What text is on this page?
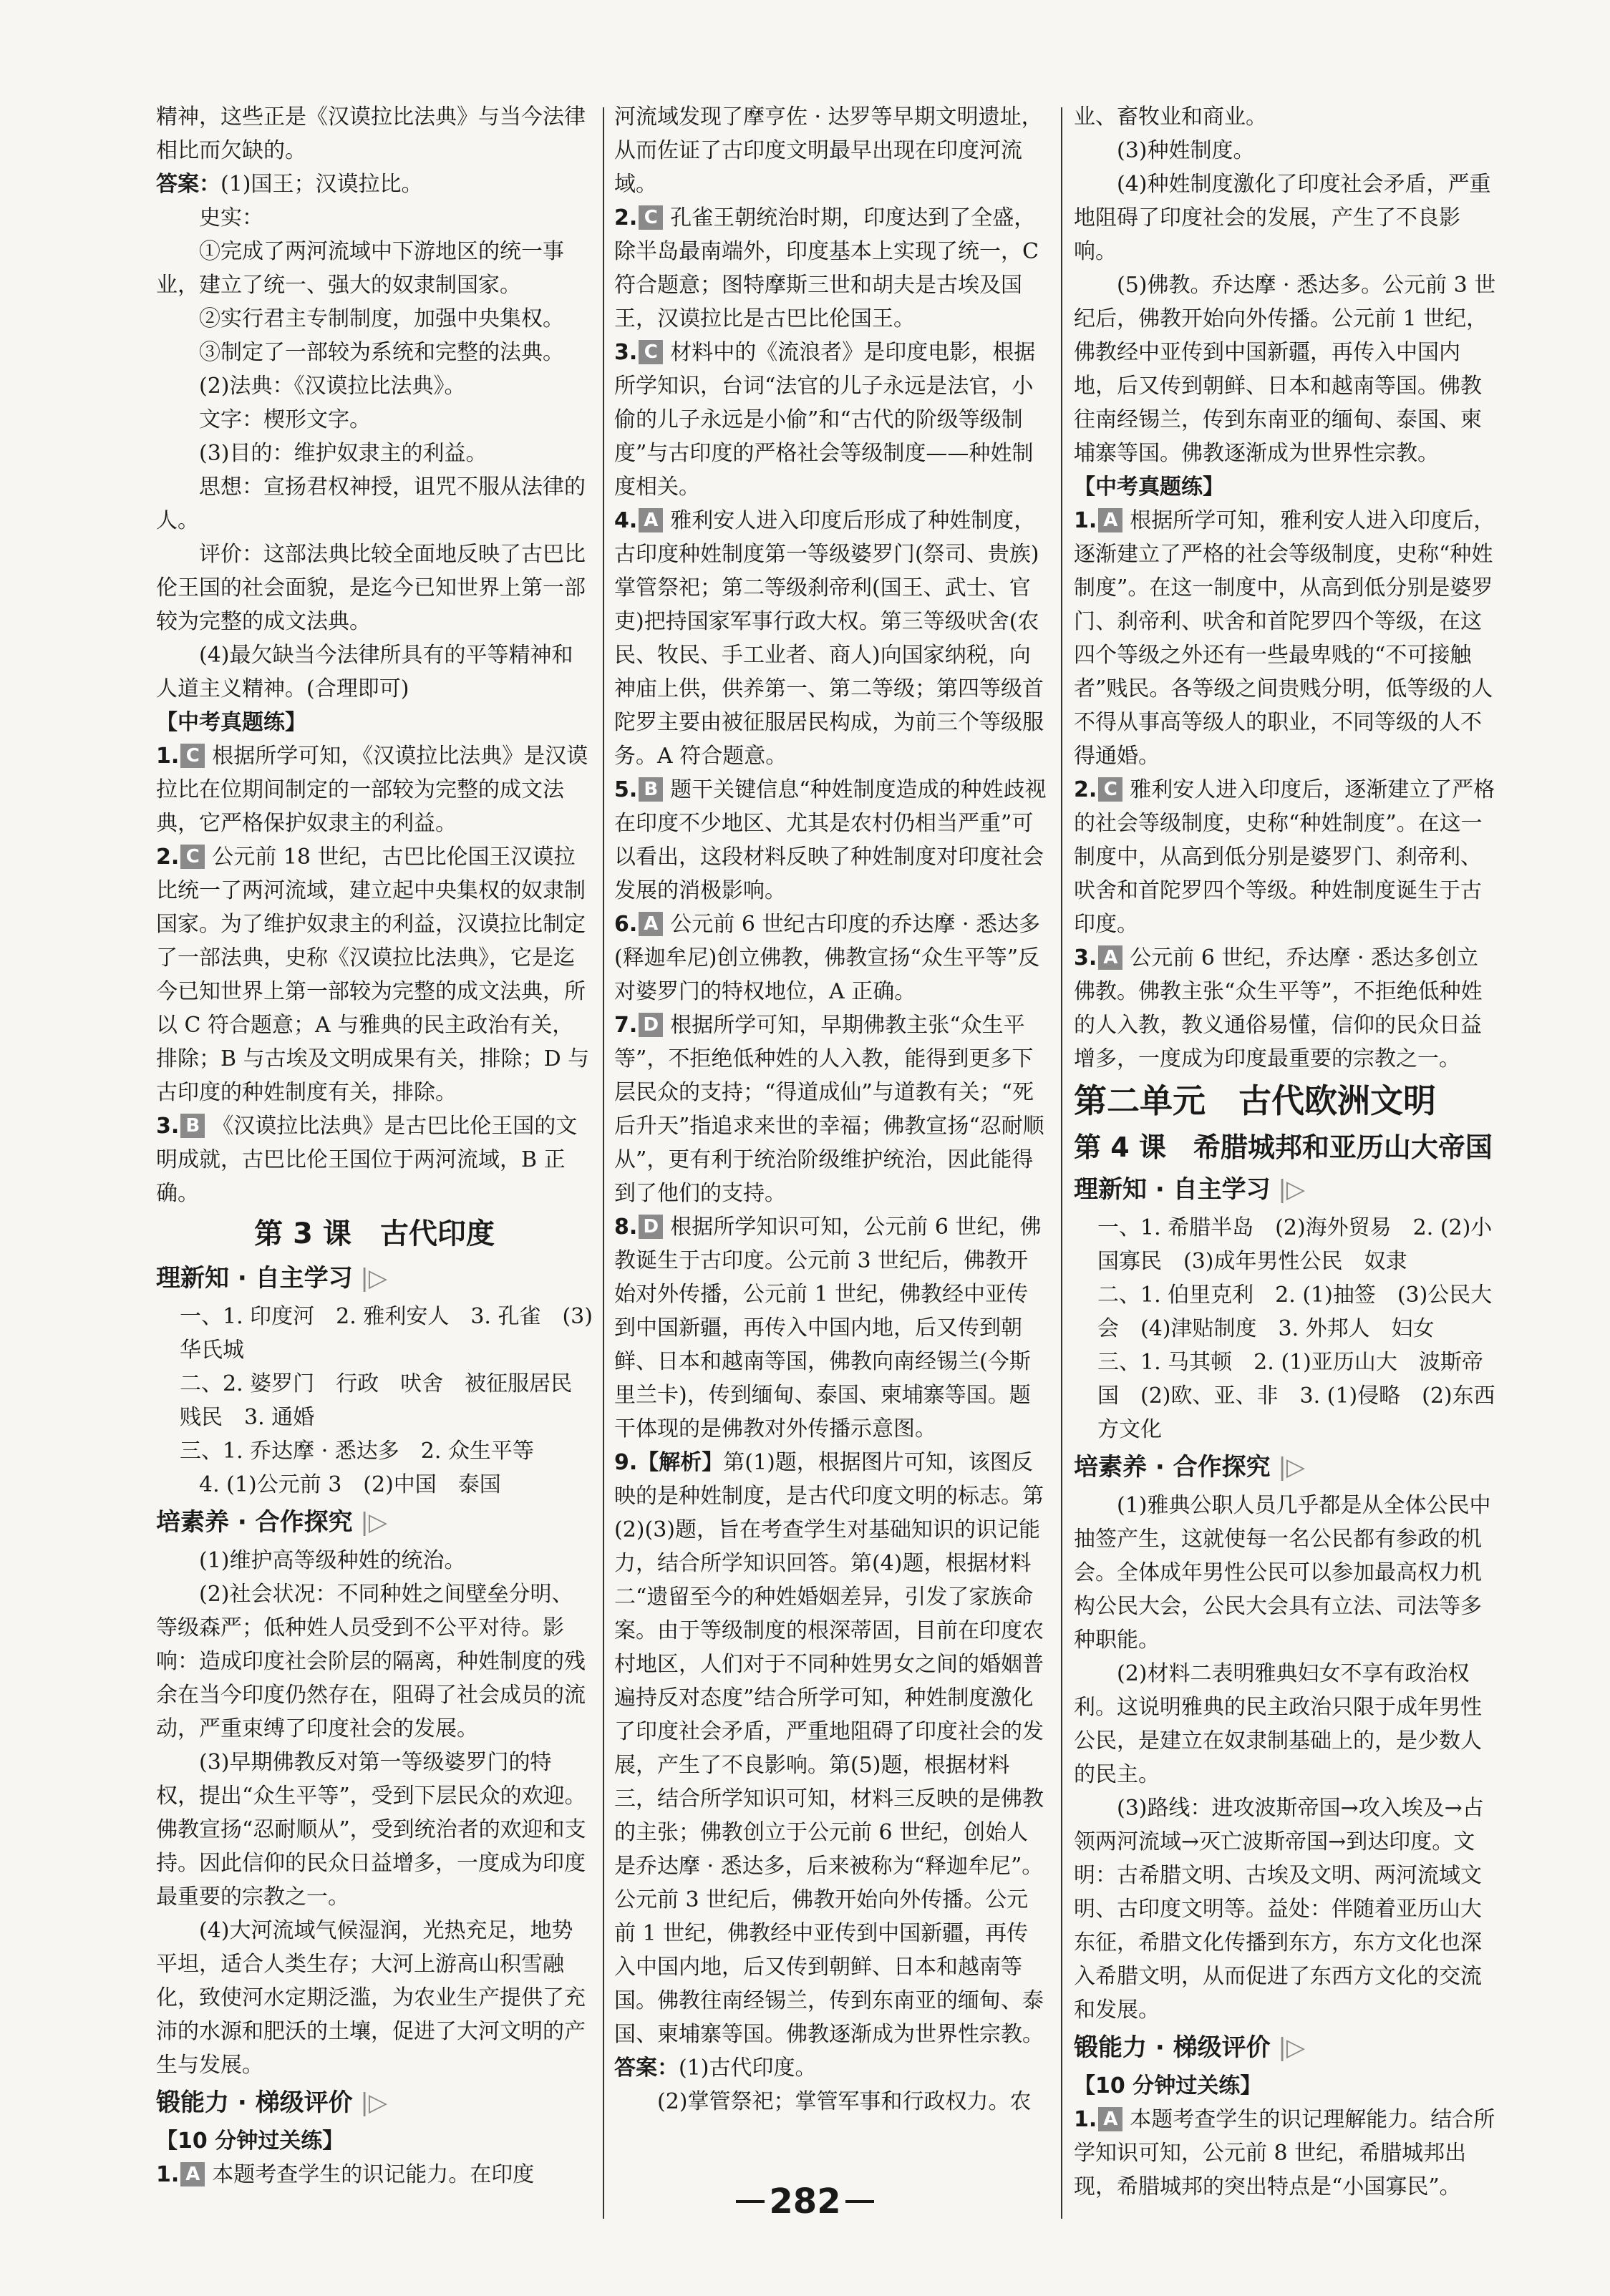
精神，这些正是《汉谟拉比法典》与当今法律相比而欠缺的。

答案：(1)国王；汉谟拉比。

史实：

①完成了两河流域中下游地区的统一事业，建立了统一、强大的奴隶制国家。

②实行君主专制制度，加强中央集权。

③制定了一部较为系统和完整的法典。

(2)法典：《汉谟拉比法典》。

文字：楔形文字。

(3)目的：维护奴隶主的利益。

思想：宣扬君权神授，诅咒不服从法律的人。

评价：这部法典比较全面地反映了古巴比伦王国的社会面貌，是迄今已知世界上第一部较为完整的成文法典。

(4)最欠缺当今法律所具有的平等精神和人道主义精神。(合理即可)

【中考真题练】

1. C 根据所学可知，《汉谟拉比法典》是汉谟拉比在位期间制定的一部较为完整的成文法典，它严格保护奴隶主的利益。

2. C 公元前 18 世纪，古巴比伦国王汉谟拉比统一了两河流域，建立起中央集权的奴隶制国家。为了维护奴隶主的利益，汉谟拉比制定了一部法典，史称《汉谟拉比法典》，它是迄今已知世界上第一部较为完整的成文法典，所以 C 符合题意；A 与雅典的民主政治有关，排除；B 与古埃及文明成果有关，排除；D 与古印度的种姓制度有关，排除。

3. B 《汉谟拉比法典》是古巴比伦王国的文明成就，古巴比伦王国位于两河流域，B 正确。

第 3 课　古代印度

理新知 · 自主学习 |▷

一、1. 印度河　2. 雅利安人　3. 孔雀　(3)华氏城

二、2. 婆罗门　行政　吠舍　被征服居民　贱民　3. 通婚

三、1. 乔达摩 · 悉达多　2. 众生平等

4. (1)公元前 3　(2)中国　泰国

培素养 · 合作探究 |▷

(1)维护高等级种姓的统治。

(2)社会状况：不同种姓之间壁垒分明、等级森严；低种姓人员受到不公平对待。影响：造成印度社会阶层的隔离，种姓制度的残余在当今印度仍然存在，阻碍了社会成员的流动，严重束缚了印度社会的发展。

(3)早期佛教反对第一等级婆罗门的特权，提出“众生平等”，受到下层民众的欢迎。佛教宣扬“忍耐顺从”，受到统治者的欢迎和支持。因此信仰的民众日益增多，一度成为印度最重要的宗教之一。

(4)大河流域气候湿润，光热充足，地势平坦，适合人类生存；大河上游高山积雪融化，致使河水定期泛滥，为农业生产提供了充沛的水源和肥沃的土壤，促进了大河文明的产生与发展。

锻能力 · 梯级评价 |▷

【10 分钟过关练】

1. A 本题考查学生的识记能力。在印度

河流域发现了摩亨佐 · 达罗等早期文明遗址，从而佐证了古印度文明最早出现在印度河流域。

2. C 孔雀王朝统治时期，印度达到了全盛，除半岛最南端外，印度基本上实现了统一，C 符合题意；图特摩斯三世和胡夫是古埃及国王，汉谟拉比是古巴比伦国王。

3. C 材料中的《流浪者》是印度电影，根据所学知识，台词“法官的儿子永远是法官，小偷的儿子永远是小偷”和“古代的阶级等级制度”与古印度的严格社会等级制度——种姓制度相关。

4. A 雅利安人进入印度后形成了种姓制度，古印度种姓制度第一等级婆罗门(祭司、贵族)掌管祭祀；第二等级刹帝利(国王、武士、官吏)把持国家军事行政大权。第三等级吠舍(农民、牧民、手工业者、商人)向国家纳税，向神庙上供，供养第一、第二等级；第四等级首陀罗主要由被征服居民构成，为前三个等级服务。A 符合题意。

5. B 题干关键信息“种姓制度造成的种姓歧视在印度不少地区、尤其是农村仍相当严重”可以看出，这段材料反映了种姓制度对印度社会发展的消极影响。

6. A 公元前 6 世纪古印度的乔达摩 · 悉达多(释迦牟尼)创立佛教，佛教宣扬“众生平等”反对婆罗门的特权地位，A 正确。

7. D 根据所学可知，早期佛教主张“众生平等”，不拒绝低种姓的人入教，能得到更多下层民众的支持；“得道成仙”与道教有关；“死后升天”指追求来世的幸福；佛教宣扬“忍耐顺从”，更有利于统治阶级维护统治，因此能得到了他们的支持。

8. D 根据所学知识可知，公元前 6 世纪，佛教诞生于古印度。公元前 3 世纪后，佛教开始对外传播，公元前 1 世纪，佛教经中亚传到中国新疆，再传入中国内地，后又传到朝鲜、日本和越南等国，佛教向南经锡兰(今斯里兰卡)，传到缅甸、泰国、柬埔寨等国。题干体现的是佛教对外传播示意图。

9.【解析】第(1)题，根据图片可知，该图反映的是种姓制度，是古代印度文明的标志。第(2)(3)题，旨在考查学生对基础知识的识记能力，结合所学知识回答。第(4)题，根据材料二“遗留至今的种姓婚姻差异，引发了家族命案。由于等级制度的根深蒂固，目前在印度农村地区，人们对于不同种姓男女之间的婚姻普遍持反对态度”结合所学可知，种姓制度激化了印度社会矛盾，严重地阻碍了印度社会的发展，产生了不良影响。第(5)题，根据材料三，结合所学知识可知，材料三反映的是佛教的主张；佛教创立于公元前 6 世纪，创始人是乔达摩 · 悉达多，后来被称为“释迦牟尼”。公元前 3 世纪后，佛教开始向外传播。公元前 1 世纪，佛教经中亚传到中国新疆，再传入中国内地，后又传到朝鲜、日本和越南等国。佛教往南经锡兰，传到东南亚的缅甸、泰国、柬埔寨等国。佛教逐渐成为世界性宗教。

答案：(1)古代印度。

(2)掌管祭祀；掌管军事和行政权力。农

业、畜牧业和商业。

(3)种姓制度。

(4)种姓制度激化了印度社会矛盾，严重地阻碍了印度社会的发展，产生了不良影响。

(5)佛教。乔达摩 · 悉达多。公元前 3 世纪后，佛教开始向外传播。公元前 1 世纪，佛教经中亚传到中国新疆，再传入中国内地，后又传到朝鲜、日本和越南等国。佛教往南经锡兰，传到东南亚的缅甸、泰国、柬埔寨等国。佛教逐渐成为世界性宗教。

【中考真题练】

1. A 根据所学可知，雅利安人进入印度后，逐渐建立了严格的社会等级制度，史称“种姓制度”。在这一制度中，从高到低分别是婆罗门、刹帝利、吠舍和首陀罗四个等级，在这四个等级之外还有一些最卑贱的“不可接触者”贱民。各等级之间贵贱分明，低等级的人不得从事高等级人的职业，不同等级的人不得通婚。

2. C 雅利安人进入印度后，逐渐建立了严格的社会等级制度，史称“种姓制度”。在这一制度中，从高到低分别是婆罗门、刹帝利、吠舍和首陀罗四个等级。种姓制度诞生于古印度。

3. A 公元前 6 世纪，乔达摩 · 悉达多创立佛教。佛教主张“众生平等”，不拒绝低种姓的人入教，教义通俗易懂，信仰的民众日益增多，一度成为印度最重要的宗教之一。

第二单元　古代欧洲文明

第 4 课　希腊城邦和亚历山大帝国

理新知 · 自主学习 |▷

一、1. 希腊半岛　(2)海外贸易　2. (2)小国寡民　(3)成年男性公民　奴隶

二、1. 伯里克利　2. (1)抽签　(3)公民大会　(4)津贴制度　3. 外邦人　妇女

三、1. 马其顿　2. (1)亚历山大　波斯帝国　(2)欧、亚、非　3. (1)侵略　(2)东西方文化

培素养 · 合作探究 |▷

(1)雅典公职人员几乎都是从全体公民中抽签产生，这就使每一名公民都有参政的机会。全体成年男性公民可以参加最高权力机构公民大会，公民大会具有立法、司法等多种职能。

(2)材料二表明雅典妇女不享有政治权利。这说明雅典的民主政治只限于成年男性公民，是建立在奴隶制基础上的，是少数人的民主。

(3)路线：进攻波斯帝国→攻入埃及→占领两河流域→灭亡波斯帝国→到达印度。文明：古希腊文明、古埃及文明、两河流域文明、古印度文明等。益处：伴随着亚历山大东征，希腊文化传播到东方，东方文化也深入希腊文明，从而促进了东西方文化的交流和发展。

锻能力 · 梯级评价 |▷

【10 分钟过关练】

1. A 本题考查学生的识记理解能力。结合所学知识可知，公元前 8 世纪，希腊城邦出现，希腊城邦的突出特点是“小国寡民”。

282
